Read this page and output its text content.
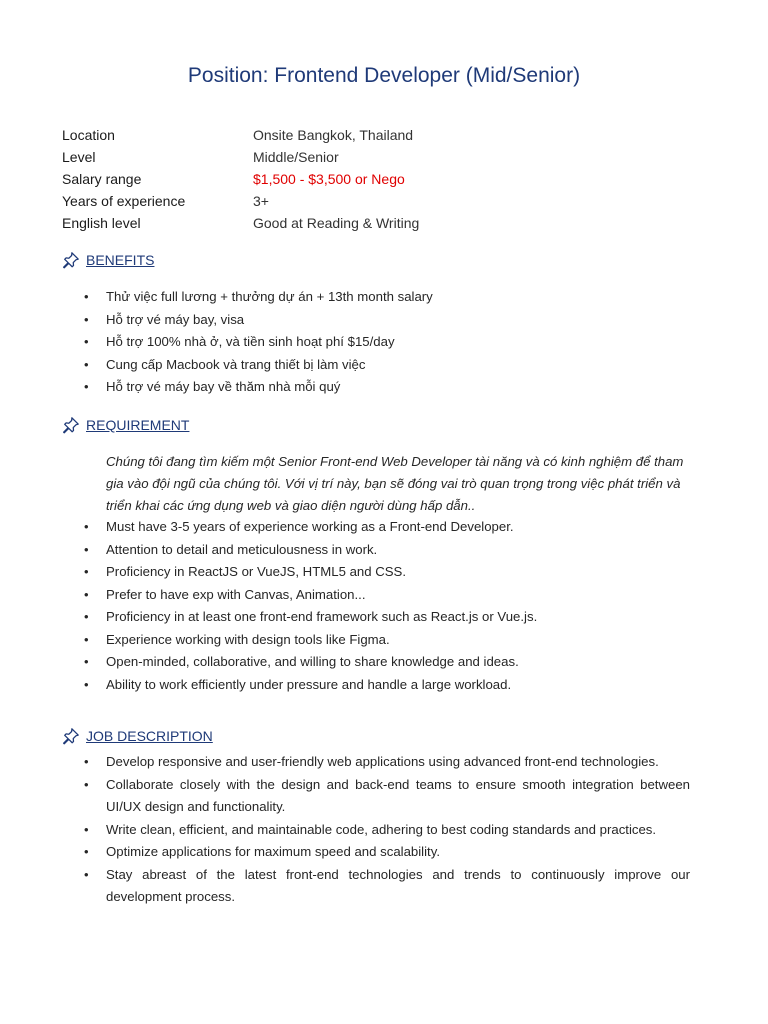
Position: Frontend Developer (Mid/Senior)
Location	Onsite Bangkok, Thailand
Level	Middle/Senior
Salary range	$1,500 - $3,500 or Nego
Years of experience	3+
English level	Good at Reading & Writing
BENEFITS
• Thử việc full lương + thưởng dự án + 13th month salary
• Hỗ trợ vé máy bay, visa
• Hỗ trợ 100% nhà ở, và tiền sinh hoạt phí $15/day
• Cung cấp Macbook và trang thiết bị làm việc
• Hỗ trợ vé máy bay về thăm nhà mỗi quý
REQUIREMENT
Chúng tôi đang tìm kiếm một Senior Front-end Web Developer tài năng và có kinh nghiệm để tham gia vào đội ngũ của chúng tôi. Với vị trí này, bạn sẽ đóng vai trò quan trọng trong việc phát triển và triển khai các ứng dụng web và giao diện người dùng hấp dẫn..
• Must have 3-5 years of experience working as a Front-end Developer.
• Attention to detail and meticulousness in work.
• Proficiency in ReactJS or VueJS, HTML5 and CSS.
• Prefer to have exp with Canvas, Animation...
• Proficiency in at least one front-end framework such as React.js or Vue.js.
• Experience working with design tools like Figma.
• Open-minded, collaborative, and willing to share knowledge and ideas.
• Ability to work efficiently under pressure and handle a large workload.
JOB DESCRIPTION
• Develop responsive and user-friendly web applications using advanced front-end technologies.
• Collaborate closely with the design and back-end teams to ensure smooth integration between UI/UX design and functionality.
• Write clean, efficient, and maintainable code, adhering to best coding standards and practices.
• Optimize applications for maximum speed and scalability.
• Stay abreast of the latest front-end technologies and trends to continuously improve our development process.
